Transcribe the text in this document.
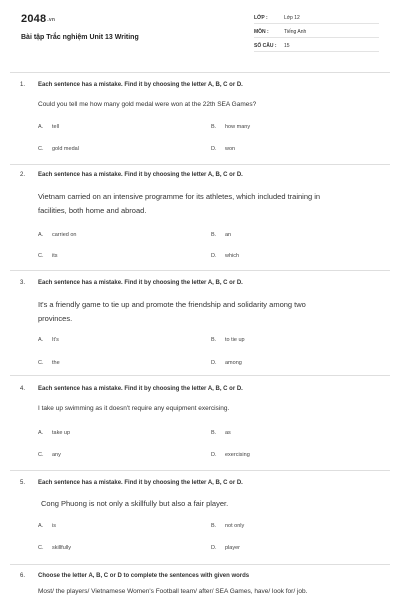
2048.vn
Bài tập Trắc nghiệm Unit 13 Writing
LỚP :	Lớp 12
MÔN :	Tiếng Anh
SỐ CÂU : 15
1. Each sentence has a mistake. Find it by choosing the letter A, B, C or D.
Could you tell me how many gold medal were won at the 22th SEA Games?
A. tell	B. how many
C. gold medal	D. won
2. Each sentence has a mistake. Find it by choosing the letter A, B, C or D.
Vietnam carried on an intensive programme for its athletes, which included training in
facilities, both home and abroad.
A. carried on	B. an
C. its	D. which
3. Each sentence has a mistake. Find it by choosing the letter A, B, C or D.
It's a friendly game to tie up and promote the friendship and solidarity among two
provinces.
A. It's	B. to tie up
C. the	D. among
4. Each sentence has a mistake. Find it by choosing the letter A, B, C or D.
I take up swimming as it doesn't require any equipment exercising.
A. take up	B. as
C. any	D. exercising
5. Each sentence has a mistake. Find it by choosing the letter A, B, C or D.
Cong Phuong is not only a skillfully but also a fair player.
A. is	B. not only
C. skillfully	D. player
6. Choose the letter A, B, C or D to complete the sentences with given words
Most/ the players/ Vietnamese Women's Football team/ after/ SEA Games, have/ look for/ job.
